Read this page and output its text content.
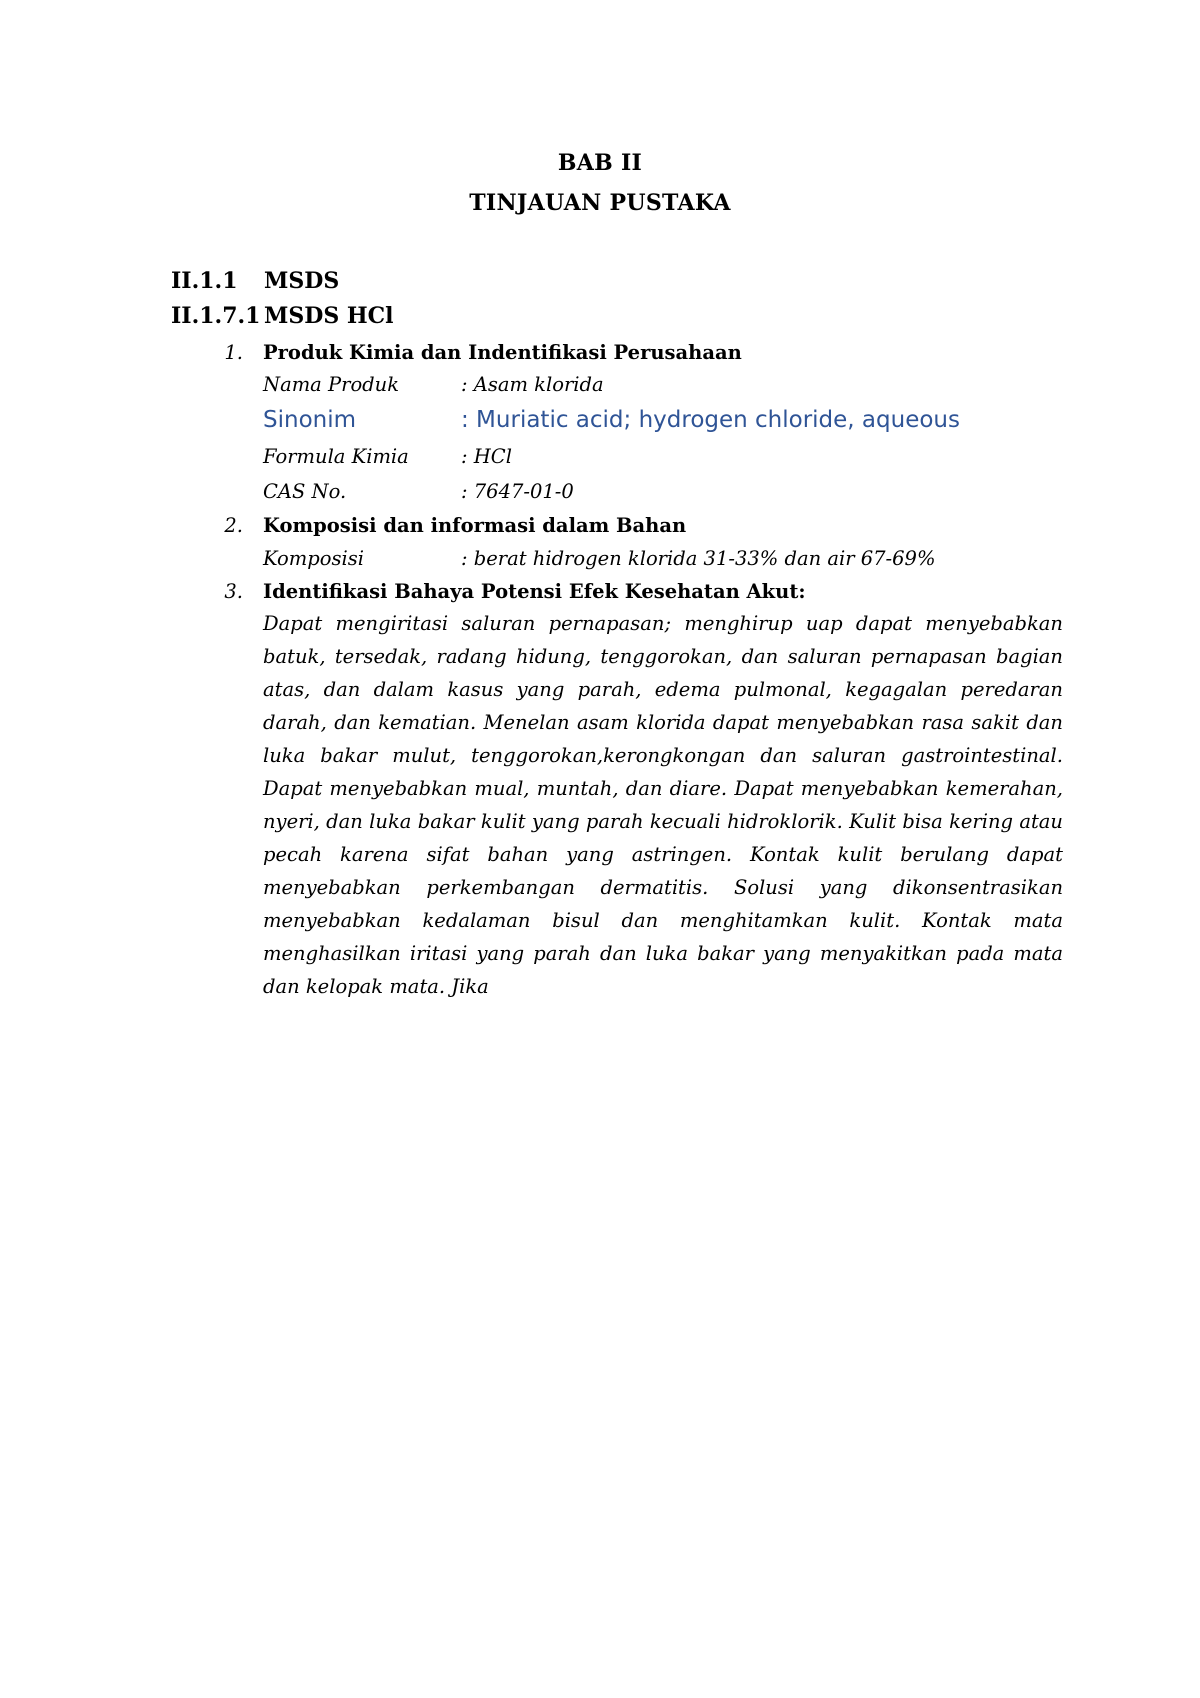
BAB II
TINJAUAN PUSTAKA
II.1.1 MSDS
II.1.7.1 MSDS HCl
1. Produk Kimia dan Indentifikasi Perusahaan
Nama Produk	: Asam klorida
Sinonim	: Muriatic acid; hydrogen chloride, aqueous
Formula Kimia	: HCl
CAS No.	: 7647-01-0
2. Komposisi dan informasi dalam Bahan
Komposisi	: berat hidrogen klorida 31-33% dan air 67-69%
3. Identifikasi Bahaya Potensi Efek Kesehatan Akut:
Dapat mengiritasi saluran pernapasan; menghirup uap dapat menyebabkan batuk, tersedak, radang hidung, tenggorokan, dan saluran pernapasan bagian atas, dan dalam kasus yang parah, edema pulmonal, kegagalan peredaran darah, dan kematian. Menelan asam klorida dapat menyebabkan rasa sakit dan luka bakar mulut, tenggorokan,kerongkongan dan saluran gastrointestinal. Dapat menyebabkan mual, muntah, dan diare. Dapat menyebabkan kemerahan, nyeri, dan luka bakar kulit yang parah kecuali hidroklorik. Kulit bisa kering atau pecah karena sifat bahan yang astringen. Kontak kulit berulang dapat menyebabkan perkembangan dermatitis. Solusi yang dikonsentrasikan menyebabkan kedalaman bisul dan menghitamkan kulit. Kontak mata menghasilkan iritasi yang parah dan luka bakar yang menyakitkan pada mata dan kelopak mata. Jika
